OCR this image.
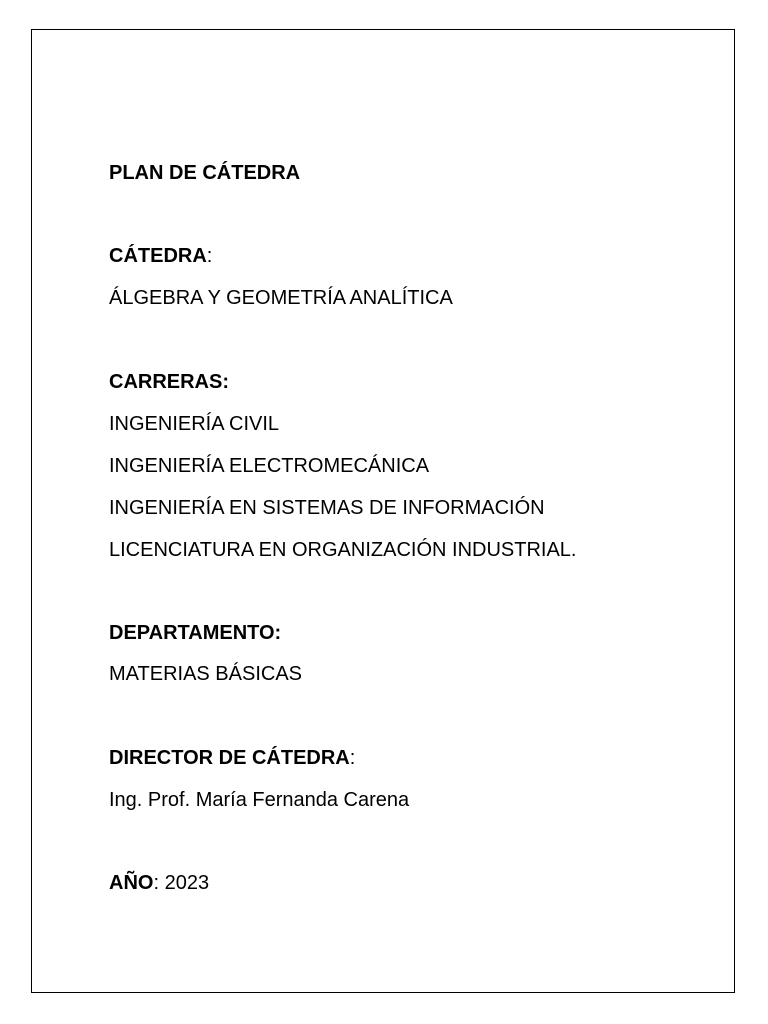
PLAN DE CÁTEDRA
CÁTEDRA:
ÁLGEBRA Y GEOMETRÍA ANALÍTICA
CARRERAS:
INGENIERÍA CIVIL
INGENIERÍA ELECTROMECÁNICA
INGENIERÍA EN SISTEMAS DE INFORMACIÓN
LICENCIATURA EN ORGANIZACIÓN INDUSTRIAL.
DEPARTAMENTO:
MATERIAS BÁSICAS
DIRECTOR DE CÁTEDRA:
Ing. Prof. María Fernanda Carena
AÑO: 2023
